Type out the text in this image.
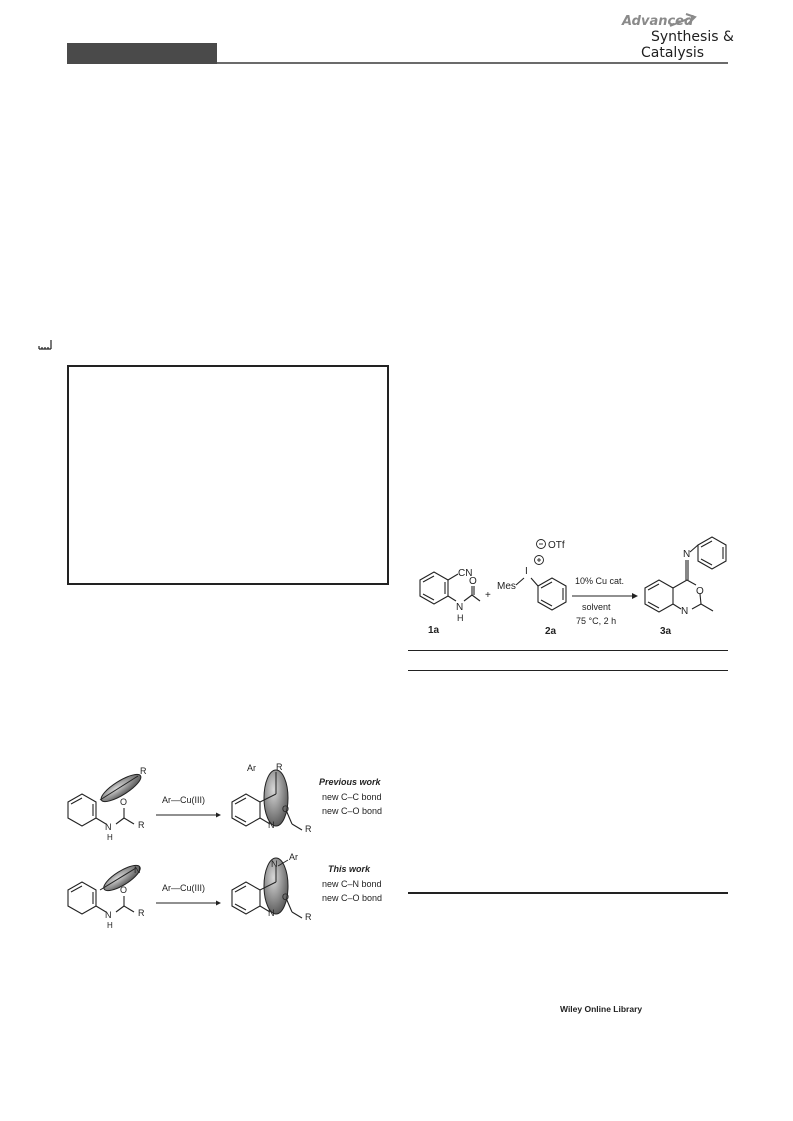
Advanced
Synthesis &
Catalysis
CN
N
H
O
1a
+
OTf
I
Mes
2a
10% Cu cat.
solvent
75 °C, 2 h
N
O
N
3a
R
O
N
H
R
Ar—Cu(III)
Ar R
O
N	R
Previous work
new C–C bond
new C–O bond
N
O
N
H
R
Ar—Cu(III)
N
Ar
O
N	R
This work
new C–N bond
new C–O bond
Wiley Online Library
